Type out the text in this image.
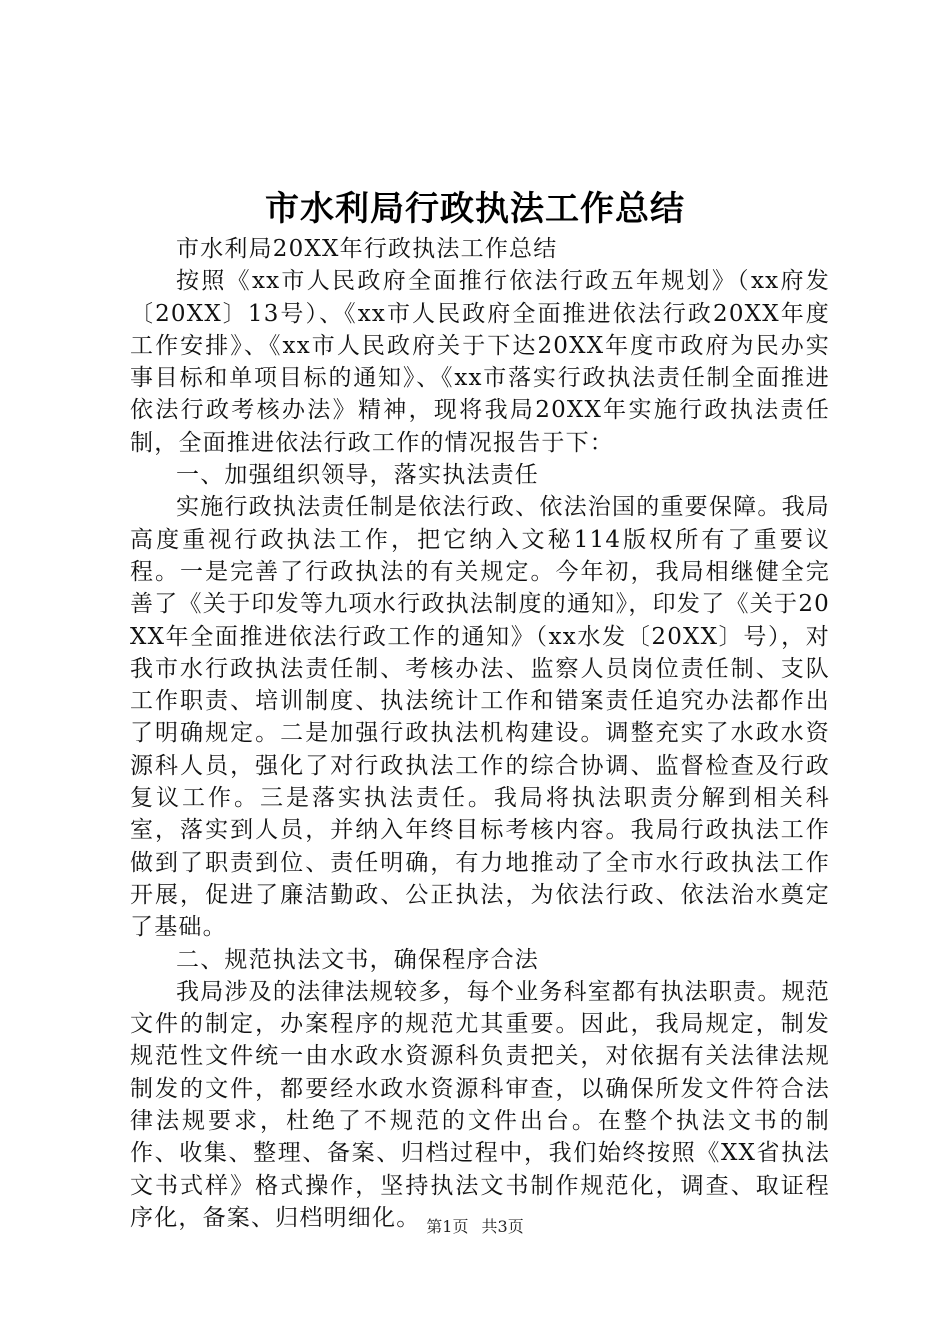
市水利局行政执法工作总结

市水利局20XX年行政执法工作总结

按照《xx市人民政府全面推行依法行政五年规划》（xx府发〔20XX〕13号）、《xx市人民政府全面推进依法行政20XX年度工作安排》、《xx市人民政府关于下达20XX年度市政府为民办实事目标和单项目标的通知》、《xx市落实行政执法责任制全面推进依法行政考核办法》精神，现将我局20XX年实施行政执法责任制，全面推进依法行政工作的情况报告于下：

一、加强组织领导，落实执法责任

实施行政执法责任制是依法行政、依法治国的重要保障。我局高度重视行政执法工作，把它纳入文秘114版权所有了重要议程。一是完善了行政执法的有关规定。今年初，我局相继健全完善了《关于印发等九项水行政执法制度的通知》，印发了《关于20XX年全面推进依法行政工作的通知》（xx水发〔20XX〕号），对我市水行政执法责任制、考核办法、监察人员岗位责任制、支队工作职责、培训制度、执法统计工作和错案责任追究办法都作出了明确规定。二是加强行政执法机构建设。调整充实了水政水资源科人员，强化了对行政执法工作的综合协调、监督检查及行政复议工作。三是落实执法责任。我局将执法职责分解到相关科室，落实到人员，并纳入年终目标考核内容。我局行政执法工作做到了职责到位、责任明确，有力地推动了全市水行政执法工作开展，促进了廉洁勤政、公正执法，为依法行政、依法治水奠定了基础。

二、规范执法文书，确保程序合法

我局涉及的法律法规较多，每个业务科室都有执法职责。规范文件的制定，办案程序的规范尤其重要。因此，我局规定，制发规范性文件统一由水政水资源科负责把关，对依据有关法律法规制发的文件，都要经水政水资源科审查，以确保所发文件符合法律法规要求，杜绝了不规范的文件出台。在整个执法文书的制作、收集、整理、备案、归档过程中，我们始终按照《XX省执法文书式样》格式操作，坚持执法文书制作规范化，调查、取证程序化，备案、归档明细化。 第1页 共3页
